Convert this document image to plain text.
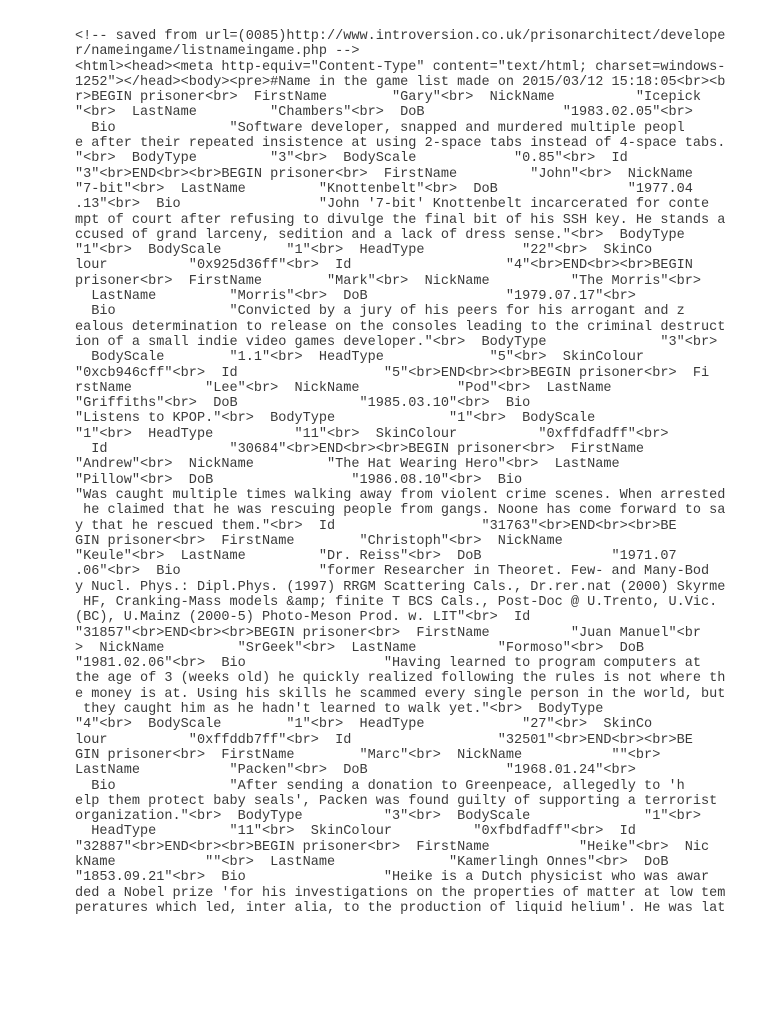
<!-- saved from url=(0085)http://www.introversion.co.uk/prisonarchitect/develope
r/nameingame/listnameingame.php -->
<html><head><meta http-equiv="Content-Type" content="text/html; charset=windows-
1252"></head><body><pre>#Name in the game list made on 2015/03/12 15:18:05<br><b
r>BEGIN prisoner<br>  FirstName        "Gary"<br>  NickName          "Icepick
"<br>  LastName         "Chambers"<br>  DoB                 "1983.02.05"<br>
Bio              "Software developer, snapped and murdered multiple peopl
e after their repeated insistence at using 2-space tabs instead of 4-space tabs.
"<br>  BodyType         "3"<br>  BodyScale            "0.85"<br>  Id
"3"<br>END<br><br>BEGIN prisoner<br>  FirstName         "John"<br>  NickName
"7-bit"<br>  LastName         "Knottenbelt"<br>  DoB                "1977.04
.13"<br>  Bio                 "John '7-bit' Knottenbelt incarcerated for conte
mpt of court after refusing to divulge the final bit of his SSH key. He stands a
ccused of grand larceny, sedition and a lack of dress sense."<br>  BodyType
"1"<br>  BodyScale        "1"<br>  HeadType            "22"<br>  SkinCo
lour          "0x925d36ff"<br>  Id                   "4"<br>END<br><br>BEGIN
prisoner<br>  FirstName        "Mark"<br>  NickName          "The Morris"<br>
LastName         "Morris"<br>  DoB                 "1979.07.17"<br>
Bio              "Convicted by a jury of his peers for his arrogant and z
ealous determination to release on the consoles leading to the criminal destruct
ion of a small indie video games developer."<br>  BodyType              "3"<br>
BodyScale        "1.1"<br>  HeadType             "5"<br>  SkinColour
"0xcb946cff"<br>  Id                  "5"<br>END<br><br>BEGIN prisoner<br>  Fi
rstName         "Lee"<br>  NickName            "Pod"<br>  LastName
"Griffiths"<br>  DoB               "1985.03.10"<br>  Bio
"Listens to KPOP."<br>  BodyType              "1"<br>  BodyScale
"1"<br>  HeadType          "11"<br>  SkinColour          "0xffdfadff"<br>
Id               "30684"<br>END<br><br>BEGIN prisoner<br>  FirstName
"Andrew"<br>  NickName         "The Hat Wearing Hero"<br>  LastName
"Pillow"<br>  DoB                 "1986.08.10"<br>  Bio
"Was caught multiple times walking away from violent crime scenes. When arrested
he claimed that he was rescuing people from gangs. Noone has come forward to sa
y that he rescued them."<br>  Id                  "31763"<br>END<br><br>BE
GIN prisoner<br>  FirstName        "Christoph"<br>  NickName
"Keule"<br>  LastName         "Dr. Reiss"<br>  DoB                "1971.07
.06"<br>  Bio                 "former Researcher in Theoret. Few- and Many-Bod
y Nucl. Phys.: Dipl.Phys. (1997) RRGM Scattering Cals., Dr.rer.nat (2000) Skyrme
HF, Cranking-Mass models &amp; finite T BCS Cals., Post-Doc @ U.Trento, U.Vic.
(BC), U.Mainz (2000-5) Photo-Meson Prod. w. LIT"<br>  Id
"31857"<br>END<br><br>BEGIN prisoner<br>  FirstName          "Juan Manuel"<br
>  NickName         "SrGeek"<br>  LastName          "Formoso"<br>  DoB
"1981.02.06"<br>  Bio                 "Having learned to program computers at
the age of 3 (weeks old) he quickly realized following the rules is not where th
e money is at. Using his skills he scammed every single person in the world, but
they caught him as he hadn't learned to walk yet."<br>  BodyType
"4"<br>  BodyScale        "1"<br>  HeadType            "27"<br>  SkinCo
lour          "0xffddb7ff"<br>  Id                  "32501"<br>END<br><br>BE
GIN prisoner<br>  FirstName        "Marc"<br>  NickName           ""<br>
LastName           "Packen"<br>  DoB                 "1968.01.24"<br>
Bio              "After sending a donation to Greenpeace, allegedly to 'h
elp them protect baby seals', Packen was found guilty of supporting a terrorist
organization."<br>  BodyType          "3"<br>  BodyScale              "1"<br>
HeadType         "11"<br>  SkinColour          "0xfbdfadff"<br>  Id
"32887"<br>END<br><br>BEGIN prisoner<br>  FirstName           "Heike"<br>  Nic
kName           ""<br>  LastName              "Kamerlingh Onnes"<br>  DoB
"1853.09.21"<br>  Bio                 "Heike is a Dutch physicist who was awar
ded a Nobel prize 'for his investigations on the properties of matter at low tem
peratures which led, inter alia, to the production of liquid helium'. He was lat
